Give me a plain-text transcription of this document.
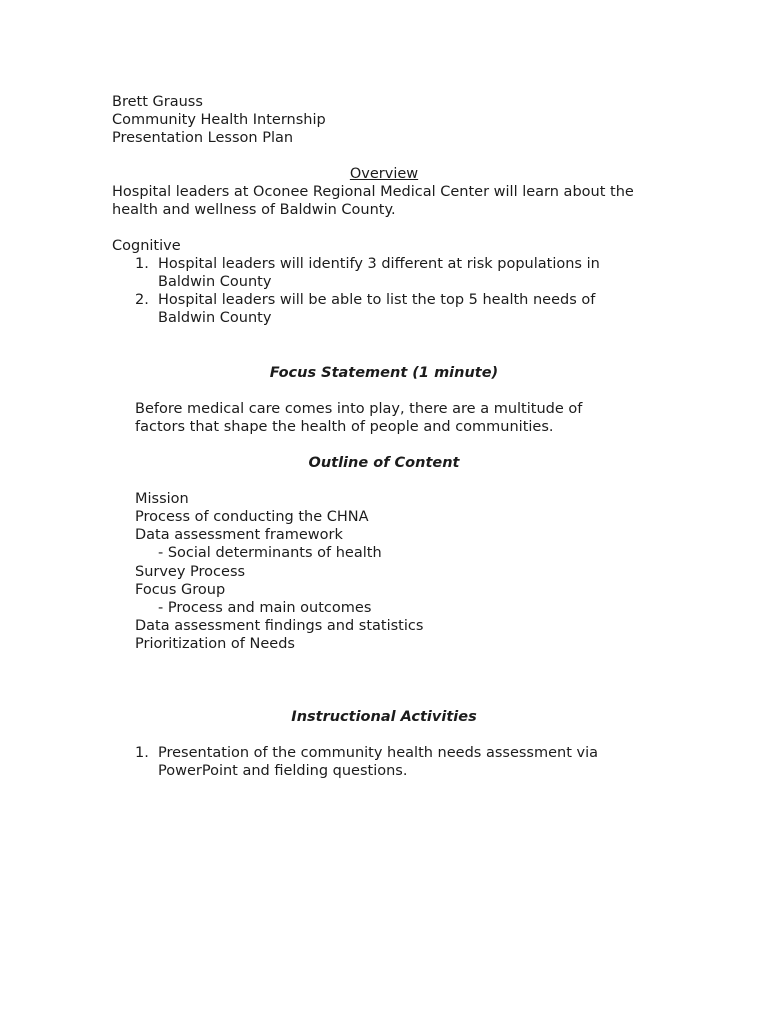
Brett Grauss
Community Health Internship
Presentation Lesson Plan
Overview
Hospital leaders at Oconee Regional Medical Center will learn about the
health and wellness of Baldwin County.
Cognitive
1. Hospital leaders will identify 3 different at risk populations in
Baldwin County
2. Hospital leaders will be able to list the top 5 health needs of
Baldwin County
Focus Statement (1 minute)
Before medical care comes into play, there are a multitude of
factors that shape the health of people and communities.
Outline of Content
Mission
Process of conducting the CHNA
Data assessment framework
- Social determinants of health
Survey Process
Focus Group
- Process and main outcomes
Data assessment findings and statistics
Prioritization of Needs
Instructional Activities
1. Presentation of the community health needs assessment via
PowerPoint and fielding questions.
